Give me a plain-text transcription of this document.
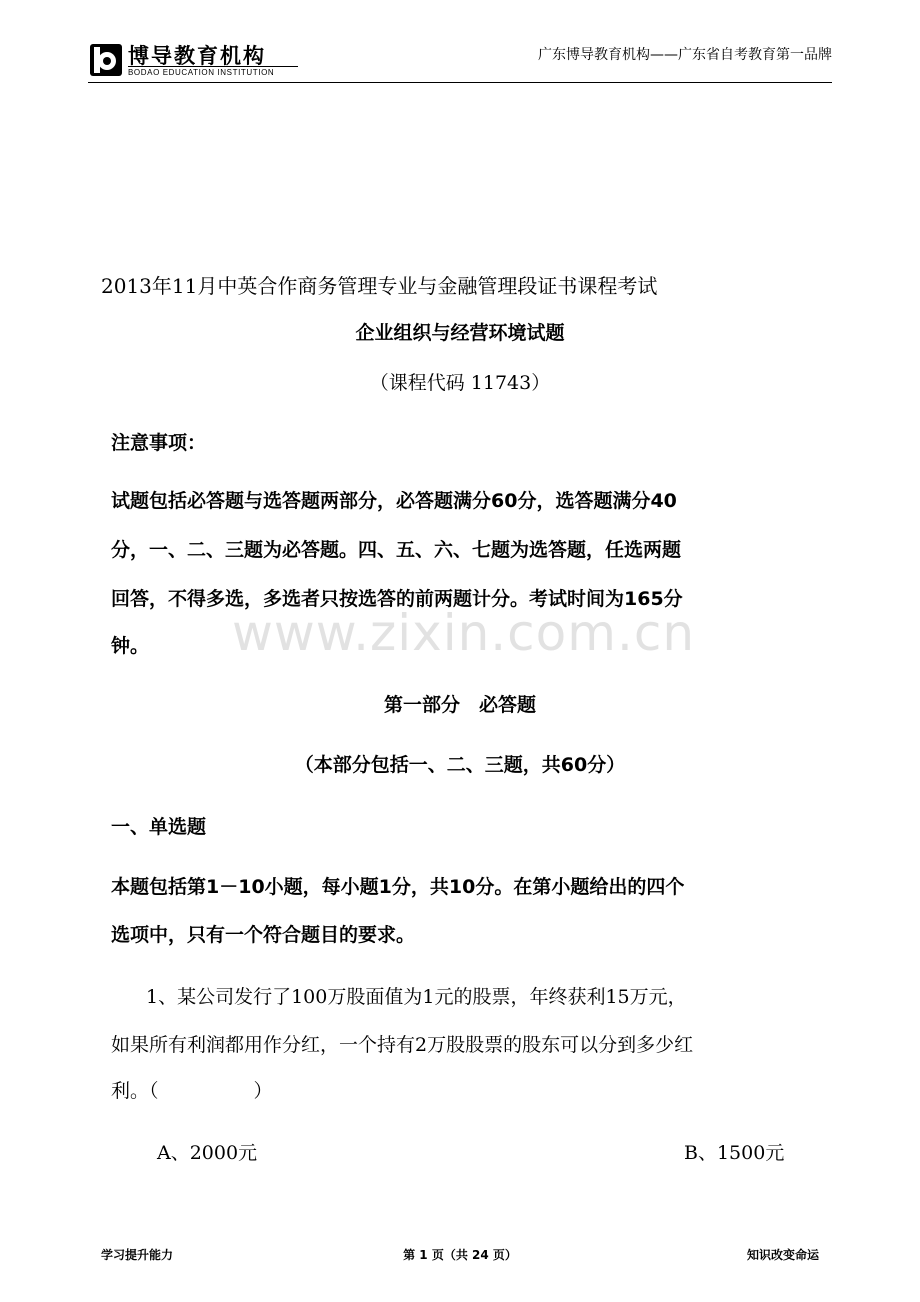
博导教育机构
BODAO EDUCATION INSTITUTION
广东博导教育机构——广东省自考教育第一品牌
2013年11月中英合作商务管理专业与金融管理段证书课程考试
企业组织与经营环境试题
（课程代码 11743）
注意事项：
试题包括必答题与选答题两部分，必答题满分60分，选答题满分40
分，一、二、三题为必答题。四、五、六、七题为选答题，任选两题
回答，不得多选，多选者只按选答的前两题计分。考试时间为165分
钟。 www.zixin.com.cn
第一部分　必答题
（本部分包括一、二、三题，共60分）
一、单选题
本题包括第1－10小题，每小题1分，共10分。在第小题给出的四个
选项中，只有一个符合题目的要求。
1、某公司发行了100万股面值为1元的股票，年终获利15万元，
如果所有利润都用作分红，一个持有2万股股票的股东可以分到多少红
利。（　　　　　）
A、2000元	B、1500元
学习提升能力	第 1 页（共 24 页）	知识改变命运
